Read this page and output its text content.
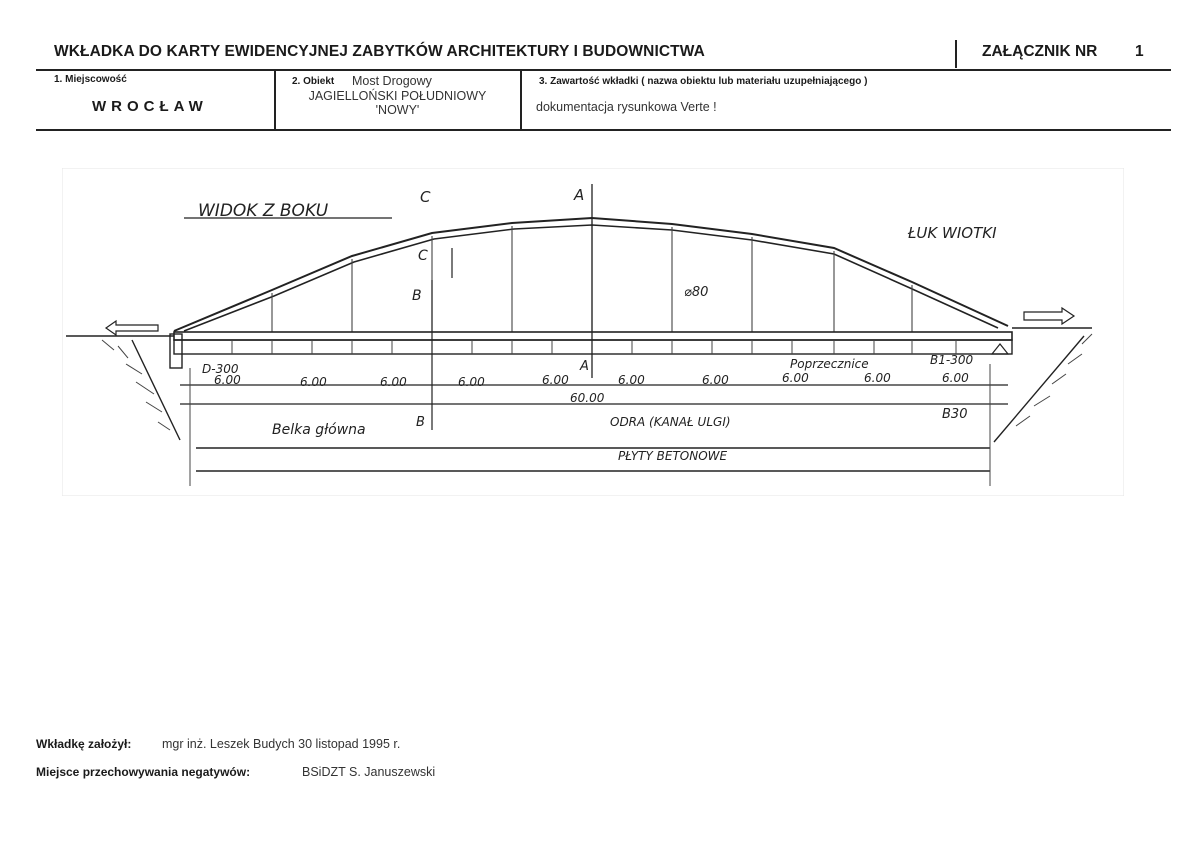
WKŁADKA DO KARTY EWIDENCYJNEJ ZABYTKÓW ARCHITEKTURY I BUDOWNICTWA	ZAŁĄCZNIK NR 1
1. Miejscowość
WROCŁAW
2. Obiekt Most Drogowy
JAGIELLOŃSKI POŁUDNIOWY
'NOWY'
3. Zawartość wkładki ( nazwa obiektu lub materiału uzupełniającego )
dokumentacja rysunkowa Verte !
WIDOK Z BOKU
C	A
C
B
ŁUK WIOTKI
⌀80
D-300	A	Poprzecznice	B1-300
6.00	6.00	6.00	6.00	6.00	6.00	6.00	6.00	6.00	6.00
60.00
Belka główna	B	ODRA (KANAŁ ULGI)	B30
PŁYTY BETONOWE
Wkładkę założył: mgr inż. Leszek Budych 30 listopad 1995 r.
Miejsce przechowywania negatywów:	BSiDZT S. Januszewski
